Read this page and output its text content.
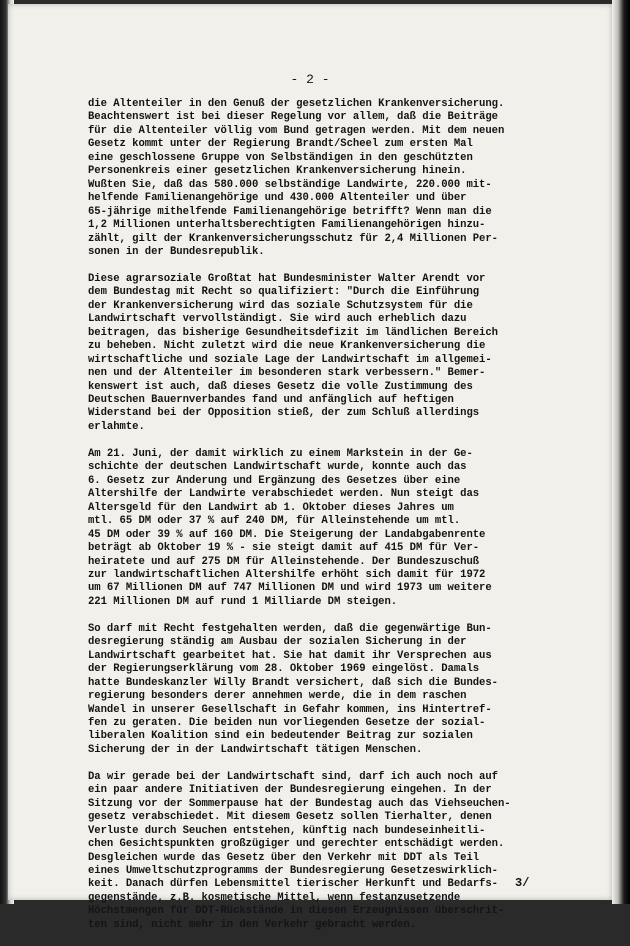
- 2 -
die Altenteiler in den Genuß der gesetzlichen Krankenversicherung.
Beachtenswert ist bei dieser Regelung vor allem, daß die Beiträge
für die Altenteiler völlig vom Bund getragen werden. Mit dem neuen
Gesetz kommt unter der Regierung Brandt/Scheel zum ersten Mal
eine geschlossene Gruppe von Selbständigen in den geschützten
Personenkreis einer gesetzlichen Krankenversicherung hinein.
Wußten Sie, daß das 580.000 selbständige Landwirte, 220.000 mit-
helfende Familienangehörige und 430.000 Altenteiler und über
65-jährige mithelfende Familienangehörige betrifft? Wenn man die
1,2 Millionen unterhaltsberechtigten Familienangehörigen hinzu-
zählt, gilt der Krankenversicherungsschutz für 2,4 Millionen Per-
sonen in der Bundesrepublik.
Diese agrarsoziale Großtat hat Bundesminister Walter Arendt vor
dem Bundestag mit Recht so qualifiziert: "Durch die Einführung
der Krankenversicherung wird das soziale Schutzsystem für die
Landwirtschaft vervollständigt. Sie wird auch erheblich dazu
beitragen, das bisherige Gesundheitsdefizit im ländlichen Bereich
zu beheben. Nicht zuletzt wird die neue Krankenversicherung die
wirtschaftliche und soziale Lage der Landwirtschaft im allgemei-
nen und der Altenteiler im besonderen stark verbessern." Bemer-
kenswert ist auch, daß dieses Gesetz die volle Zustimmung des
Deutschen Bauernverbandes fand und anfänglich auf heftigen
Widerstand bei der Opposition stieß, der zum Schluß allerdings
erlahmte.
Am 21. Juni, der damit wirklich zu einem Markstein in der Ge-
schichte der deutschen Landwirtschaft wurde, konnte auch das
6. Gesetz zur Änderung und Ergänzung des Gesetzes über eine
Altershilfe der Landwirte verabschiedet werden. Nun steigt das
Altersgeld für den Landwirt ab 1. Oktober dieses Jahres um
mtl. 65 DM oder 37 % auf 240 DM, für Alleinstehende um mtl.
45 DM oder 39 % auf 160 DM. Die Steigerung der Landabgabenrente
beträgt ab Oktober 19 % - sie steigt damit auf 415 DM für Ver-
heiratete und auf 275 DM für Alleinstehende. Der Bundeszuschuß
zur landwirtschaftlichen Altershilfe erhöht sich damit für 1972
um 67 Millionen DM auf 747 Millionen DM und wird 1973 um weitere
221 Millionen DM auf rund 1 Milliarde DM steigen.
So darf mit Recht festgehalten werden, daß die gegenwärtige Bun-
desregierung ständig am Ausbau der sozialen Sicherung in der
Landwirtschaft gearbeitet hat. Sie hat damit ihr Versprechen aus
der Regierungserklärung vom 28. Oktober 1969 eingelöst. Damals
hatte Bundeskanzler Willy Brandt versichert, daß sich die Bundes-
regierung besonders derer annehmen werde, die in dem raschen
Wandel in unserer Gesellschaft in Gefahr kommen, ins Hintertref-
fen zu geraten. Die beiden nun vorliegenden Gesetze der sozial-
liberalen Koalition sind ein bedeutender Beitrag zur sozialen
Sicherung der in der Landwirtschaft tätigen Menschen.
Da wir gerade bei der Landwirtschaft sind, darf ich auch noch auf
ein paar andere Initiativen der Bundesregierung eingehen. In der
Sitzung vor der Sommerpause hat der Bundestag auch das Viehseuchen-
gesetz verabschiedet. Mit diesem Gesetz sollen Tierhalter, denen
Verluste durch Seuchen entstehen, künftig nach bundeseinheitli-
chen Gesichtspunkten großzügiger und gerechter entschädigt werden.
Desgleichen wurde das Gesetz über den Verkehr mit DDT als Teil
eines Umweltschutzprogramms der Bundesregierung Gesetzeswirklich-
keit. Danach dürfen Lebensmittel tierischer Herkunft und Bedarfs-
gegenstände, z.B. kosmetische Mittel, wenn festanzusetzende
Höchstmengen für DDT-Rückstände in diesen Erzeugnissen überschrit-
ten sind, nicht mehr in den Verkehr gebracht werden.
3/
